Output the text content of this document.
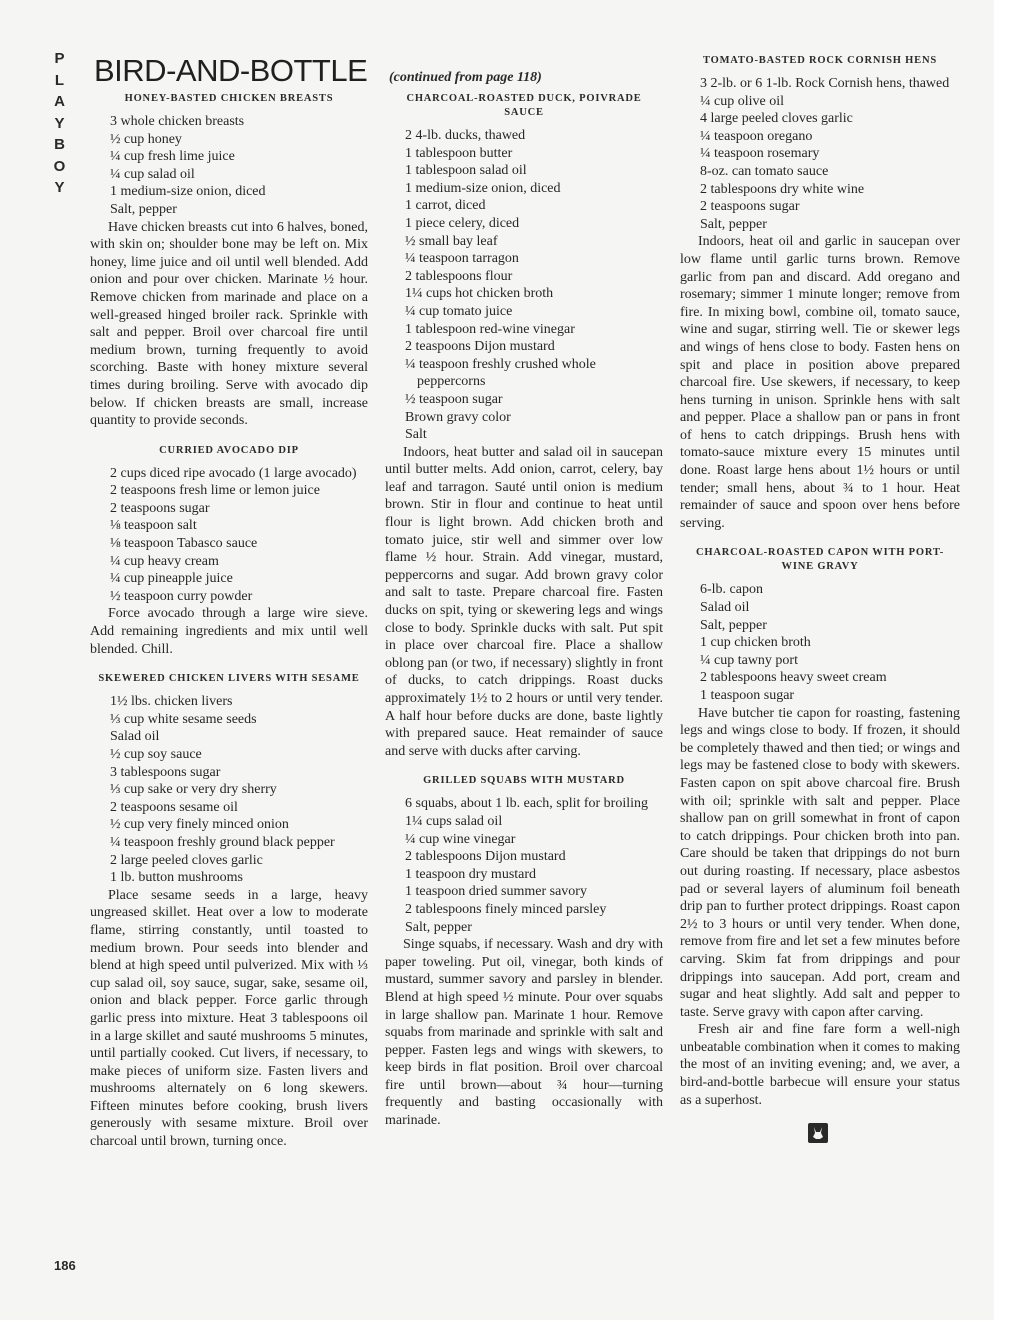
P
L
A
Y
B
O
Y
BIRD-AND-BOTTLE
HONEY-BASTED CHICKEN BREASTS
3 whole chicken breasts
½ cup honey
¼ cup fresh lime juice
¼ cup salad oil
1 medium-size onion, diced
Salt, pepper
Have chicken breasts cut into 6 halves, boned, with skin on; shoulder bone may be left on. Mix honey, lime juice and oil until well blended. Add onion and pour over chicken. Marinate ½ hour. Remove chicken from marinade and place on a well-greased hinged broiler rack. Sprinkle with salt and pepper. Broil over charcoal fire until medium brown, turning frequently to avoid scorching. Baste with honey mixture several times during broiling. Serve with avocado dip below. If chicken breasts are small, increase quantity to provide seconds.
CURRIED AVOCADO DIP
2 cups diced ripe avocado (1 large avocado)
2 teaspoons fresh lime or lemon juice
2 teaspoons sugar
⅛ teaspoon salt
⅛ teaspoon Tabasco sauce
¼ cup heavy cream
¼ cup pineapple juice
½ teaspoon curry powder
Force avocado through a large wire sieve. Add remaining ingredients and mix until well blended. Chill.
SKEWERED CHICKEN LIVERS WITH SESAME
1½ lbs. chicken livers
⅓ cup white sesame seeds
Salad oil
½ cup soy sauce
3 tablespoons sugar
⅓ cup sake or very dry sherry
2 teaspoons sesame oil
½ cup very finely minced onion
¼ teaspoon freshly ground black pepper
2 large peeled cloves garlic
1 lb. button mushrooms
Place sesame seeds in a large, heavy ungreased skillet. Heat over a low to moderate flame, stirring constantly, until toasted to medium brown. Pour seeds into blender and blend at high speed until pulverized. Mix with ⅓ cup salad oil, soy sauce, sugar, sake, sesame oil, onion and black pepper. Force garlic through garlic press into mixture. Heat 3 tablespoons oil in a large skillet and sauté mushrooms 5 minutes, until partially cooked. Cut livers, if necessary, to make pieces of uniform size. Fasten livers and mushrooms alternately on 6 long skewers. Fifteen minutes before cooking, brush livers generously with sesame mixture. Broil over charcoal until brown, turning once.
(continued from page 118)
CHARCOAL-ROASTED DUCK, POIVRADE SAUCE
2 4-lb. ducks, thawed
1 tablespoon butter
1 tablespoon salad oil
1 medium-size onion, diced
1 carrot, diced
1 piece celery, diced
½ small bay leaf
¼ teaspoon tarragon
2 tablespoons flour
1¼ cups hot chicken broth
¼ cup tomato juice
1 tablespoon red-wine vinegar
2 teaspoons Dijon mustard
¼ teaspoon freshly crushed whole peppercorns
½ teaspoon sugar
Brown gravy color
Salt
Indoors, heat butter and salad oil in saucepan until butter melts. Add onion, carrot, celery, bay leaf and tarragon. Sauté until onion is medium brown. Stir in flour and continue to heat until flour is light brown. Add chicken broth and tomato juice, stir well and simmer over low flame ½ hour. Strain. Add vinegar, mustard, peppercorns and sugar. Add brown gravy color and salt to taste. Prepare charcoal fire. Fasten ducks on spit, tying or skewering legs and wings close to body. Sprinkle ducks with salt. Put spit in place over charcoal fire. Place a shallow oblong pan (or two, if necessary) slightly in front of ducks, to catch drippings. Roast ducks approximately 1½ to 2 hours or until very tender. A half hour before ducks are done, baste lightly with prepared sauce. Heat remainder of sauce and serve with ducks after carving.
GRILLED SQUABS WITH MUSTARD
6 squabs, about 1 lb. each, split for broiling
1¼ cups salad oil
¼ cup wine vinegar
2 tablespoons Dijon mustard
1 teaspoon dry mustard
1 teaspoon dried summer savory
2 tablespoons finely minced parsley
Salt, pepper
Singe squabs, if necessary. Wash and dry with paper toweling. Put oil, vinegar, both kinds of mustard, summer savory and parsley in blender. Blend at high speed ½ minute. Pour over squabs in large shallow pan. Marinate 1 hour. Remove squabs from marinade and sprinkle with salt and pepper. Fasten legs and wings with skewers, to keep birds in flat position. Broil over charcoal fire until brown—about ¾ hour—turning frequently and basting occasionally with marinade.
TOMATO-BASTED ROCK CORNISH HENS
3 2-lb. or 6 1-lb. Rock Cornish hens, thawed
¼ cup olive oil
4 large peeled cloves garlic
¼ teaspoon oregano
¼ teaspoon rosemary
8-oz. can tomato sauce
2 tablespoons dry white wine
2 teaspoons sugar
Salt, pepper
Indoors, heat oil and garlic in saucepan over low flame until garlic turns brown. Remove garlic from pan and discard. Add oregano and rosemary; simmer 1 minute longer; remove from fire. In mixing bowl, combine oil, tomato sauce, wine and sugar, stirring well. Tie or skewer legs and wings of hens close to body. Fasten hens on spit and place in position above prepared charcoal fire. Use skewers, if necessary, to keep hens turning in unison. Sprinkle hens with salt and pepper. Place a shallow pan or pans in front of hens to catch drippings. Brush hens with tomato-sauce mixture every 15 minutes until done. Roast large hens about 1½ hours or until tender; small hens, about ¾ to 1 hour. Heat remainder of sauce and spoon over hens before serving.
CHARCOAL-ROASTED CAPON WITH PORT-WINE GRAVY
6-lb. capon
Salad oil
Salt, pepper
1 cup chicken broth
¼ cup tawny port
2 tablespoons heavy sweet cream
1 teaspoon sugar
Have butcher tie capon for roasting, fastening legs and wings close to body. If frozen, it should be completely thawed and then tied; or wings and legs may be fastened close to body with skewers. Fasten capon on spit above charcoal fire. Brush with oil; sprinkle with salt and pepper. Place shallow pan on grill somewhat in front of capon to catch drippings. Pour chicken broth into pan. Care should be taken that drippings do not burn out during roasting. If necessary, place asbestos pad or several layers of aluminum foil beneath drip pan to further protect drippings. Roast capon 2½ to 3 hours or until very tender. When done, remove from fire and let set a few minutes before carving. Skim fat from drippings and pour drippings into saucepan. Add port, cream and sugar and heat slightly. Add salt and pepper to taste. Serve gravy with capon after carving.
Fresh air and fine fare form a well-nigh unbeatable combination when it comes to making the most of an inviting evening; and, we aver, a bird-and-bottle barbecue will ensure your status as a superhost.
186
